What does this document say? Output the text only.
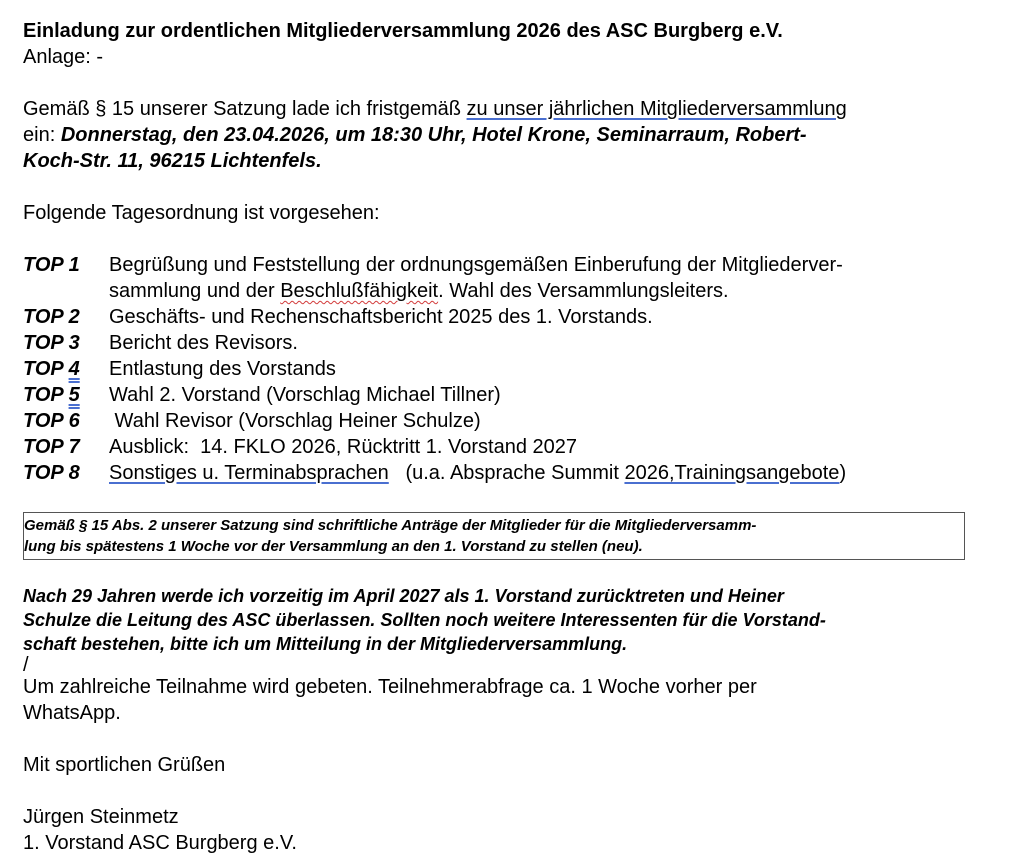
Einladung zur ordentlichen Mitgliederversammlung 2026 des ASC Burgberg e.V.
Anlage: -
Gemäß § 15 unserer Satzung lade ich fristgemäß zu unser jährlichen Mitgliederversammlung
ein: Donnerstag, den 23.04.2026, um 18:30 Uhr, Hotel Krone, Seminarraum, Robert-
Koch-Str. 11, 96215 Lichtenfels.
Folgende Tagesordnung ist vorgesehen:
TOP 1	Begrüßung und Feststellung der ordnungsgemäßen Einberufung der Mitgliederver-
sammlung und der Beschlußfähigkeit. Wahl des Versammlungsleiters.
TOP 2	Geschäfts- und Rechenschaftsbericht 2025 des 1. Vorstands.
TOP 3	Bericht des Revisors.
TOP 4	Entlastung des Vorstands
TOP 5	Wahl 2. Vorstand (Vorschlag Michael Tillner)
TOP 6	Wahl Revisor (Vorschlag Heiner Schulze)
TOP 7	Ausblick:  14. FKLO 2026, Rücktritt 1. Vorstand 2027
TOP 8	Sonstiges u. Terminabsprachen   (u.a. Absprache Summit 2026,Trainingsangebote)
Gemäß § 15 Abs. 2 unserer Satzung sind schriftliche Anträge der Mitglieder für die Mitgliederversamm-
lung bis spätestens 1 Woche vor der Versammlung an den 1. Vorstand zu stellen (neu).
Nach 29 Jahren werde ich vorzeitig im April 2027 als 1. Vorstand zurücktreten und Heiner
Schulze die Leitung des ASC überlassen. Sollten noch weitere Interessenten für die Vorstand-
schaft bestehen, bitte ich um Mitteilung in der Mitgliederversammlung.
/
Um zahlreiche Teilnahme wird gebeten. Teilnehmerabfrage ca. 1 Woche vorher per
WhatsApp.
Mit sportlichen Grüßen
Jürgen Steinmetz
1. Vorstand ASC Burgberg e.V.
